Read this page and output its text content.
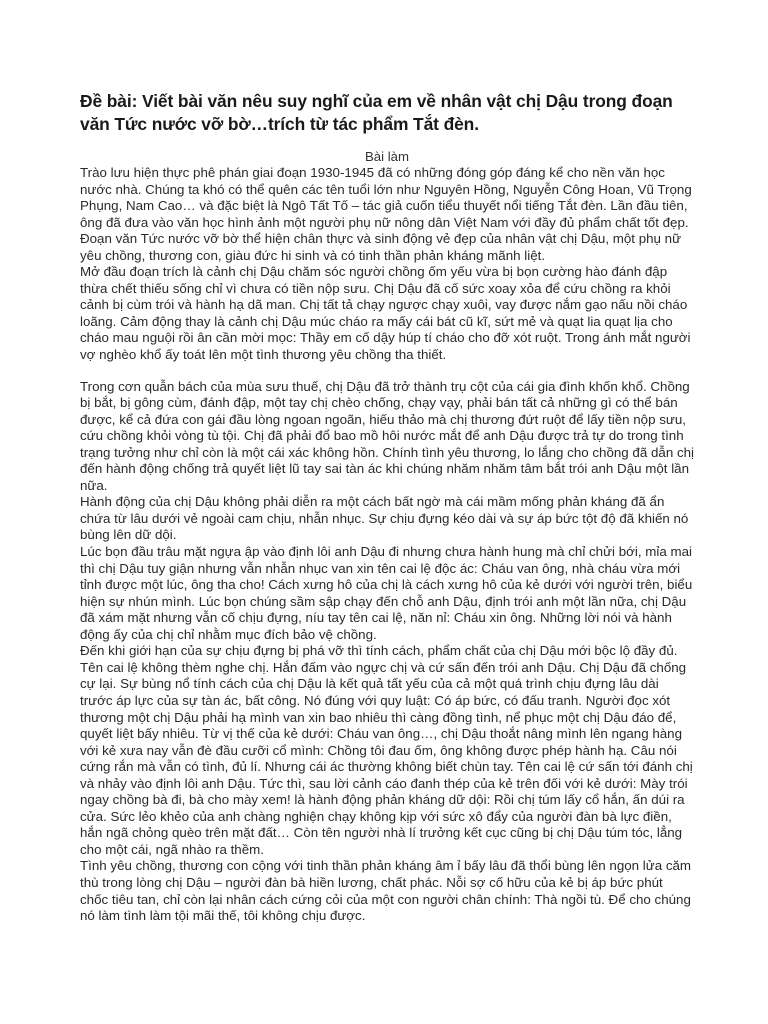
Đề bài: Viết bài văn nêu suy nghĩ của em về nhân vật chị Dậu trong đoạn văn Tức nước vỡ bờ…trích từ tác phẩm Tắt đèn.

Bài làm

Trào lưu hiện thực phê phán giai đoạn 1930-1945 đã có những đóng góp đáng kể cho nền văn học nước nhà. Chúng ta khó có thể quên các tên tuổi lớn như Nguyên Hồng, Nguyễn Công Hoan, Vũ Trọng Phụng, Nam Cao… và đặc biệt là Ngô Tất Tố – tác giả cuốn tiểu thuyết nổi tiếng Tắt đèn. Lần đầu tiên, ông đã đưa vào văn học hình ảnh một người phụ nữ nông dân Việt Nam với đầy đủ phẩm chất tốt đẹp. Đoạn văn Tức nước vỡ bờ thể hiện chân thực và sinh động vẻ đẹp của nhân vật chị Dậu, một phụ nữ yêu chồng, thương con, giàu đức hi sinh và có tinh thần phản kháng mãnh liệt.

Mở đầu đoạn trích là cảnh chị Dậu chăm sóc người chồng ốm yếu vừa bị bọn cường hào đánh đập thừa chết thiếu sống chỉ vì chưa có tiền nộp sưu. Chị Dậu đã cố sức xoay xỏa để cứu chồng ra khỏi cảnh bị cùm trói và hành hạ dã man. Chị tất tả chạy ngược chạy xuôi, vay được nắm gạo nấu nồi cháo loãng. Cảm động thay là cảnh chị Dậu múc cháo ra mấy cái bát cũ kĩ, sứt mẻ và quạt lia quạt lịa cho cháo mau nguội rồi ân cần mời mọc: Thầy em cố dậy húp tí cháo cho đỡ xót ruột. Trong ánh mắt người vợ nghèo khổ ấy toát lên một tình thương yêu chồng tha thiết.

Trong cơn quẫn bách của mùa sưu thuế, chị Dậu đã trở thành trụ cột của cái gia đình khốn khổ. Chồng bị bắt, bị gông cùm, đánh đập, một tay chị chèo chống, chạy vạy, phải bán tất cả những gì có thể bán được, kể cả đứa con gái đầu lòng ngoan ngoãn, hiếu thảo mà chị thương đứt ruột để lấy tiền nộp sưu, cứu chồng khỏi vòng tù tội. Chị đã phải đổ bao mồ hôi nước mắt để anh Dậu được trả tự do trong tình trạng tưởng như chỉ còn là một cái xác không hồn. Chính tình yêu thương, lo lắng cho chồng đã dẫn chị đến hành động chống trả quyết liệt lũ tay sai tàn ác khi chúng nhăm nhăm tâm bắt trói anh Dậu một lần nữa.

Hành động của chị Dậu không phải diễn ra một cách bất ngờ mà cái mầm mống phản kháng đã ẩn chứa từ lâu dưới vẻ ngoài cam chịu, nhẫn nhục. Sự chịu đựng kéo dài và sự áp bức tột độ đã khiến nó bùng lên dữ dội.

Lúc bọn đầu trâu mặt ngựa ập vào định lôi anh Dậu đi nhưng chưa hành hung mà chỉ chửi bới, mỉa mai thì chị Dậu tuy giận nhưng vẫn nhẫn nhục van xin tên cai lệ độc ác: Cháu van ông, nhà cháu vừa mới tỉnh được một lúc, ông tha cho! Cách xưng hô của chị là cách xưng hô của kẻ dưới với người trên, biểu hiện sự nhún mình. Lúc bọn chúng sầm sập chạy đến chỗ anh Dậu, định trói anh một lần nữa, chị Dậu đã xám mặt nhưng vẫn cố chịu đựng, níu tay tên cai lệ, năn nỉ: Cháu xin ông. Những lời nói và hành động ấy của chị chỉ nhằm mục đích bảo vệ chồng.

Đến khi giới hạn của sự chịu đựng bị phá vỡ thì tính cách, phẩm chất của chị Dậu mới bộc lộ đầy đủ. Tên cai lệ không thèm nghe chị. Hắn đấm vào ngực chị và cứ sấn đến trói anh Dậu. Chị Dậu đã chống cự lại. Sự bùng nổ tính cách của chị Dậu là kết quả tất yếu của cả một quá trình chịu đựng lâu dài trước áp lực của sự tàn ác, bất công. Nó đúng với quy luật: Có áp bức, có đấu tranh. Người đọc xót thương một chị Dậu phải hạ mình van xin bao nhiêu thì càng đồng tình, nể phục một chị Dậu đáo để, quyết liệt bấy nhiêu. Từ vị thế của kẻ dưới: Cháu van ông…, chị Dậu thoắt nâng mình lên ngang hàng với kẻ xưa nay vẫn đè đầu cưỡi cổ mình: Chồng tôi đau ốm, ông không được phép hành hạ. Câu nói cứng rắn mà vẫn có tình, đủ lí. Nhưng cái ác thường không biết chùn tay. Tên cai lệ cứ sấn tới đánh chị và nhảy vào định lôi anh Dậu. Tức thì, sau lời cảnh cáo đanh thép của kẻ trên đối với kẻ dưới: Mày trói ngay chồng bà đi, bà cho mày xem! là hành động phản kháng dữ dội: Rồi chị túm lấy cổ hắn, ấn dúi ra cửa. Sức lẻo khẻo của anh chàng nghiện chạy không kịp với sức xô đẩy của người đàn bà lực điền, hắn ngã chỏng quèo trên mặt đất… Còn tên người nhà lí trưởng kết cục cũng bị chị Dậu túm tóc, lẳng cho một cái, ngã nhào ra thềm.

Tình yêu chồng, thương con cộng với tinh thần phản kháng âm ỉ bấy lâu đã thổi bùng lên ngọn lửa căm thù trong lòng chị Dậu – người đàn bà hiền lương, chất phác. Nỗi sợ cố hữu của kẻ bị áp bức phút chốc tiêu tan, chỉ còn lại nhân cách cứng cỏi của một con người chân chính: Thà ngồi tù. Để cho chúng nó làm tình làm tội mãi thế, tôi không chịu được.
